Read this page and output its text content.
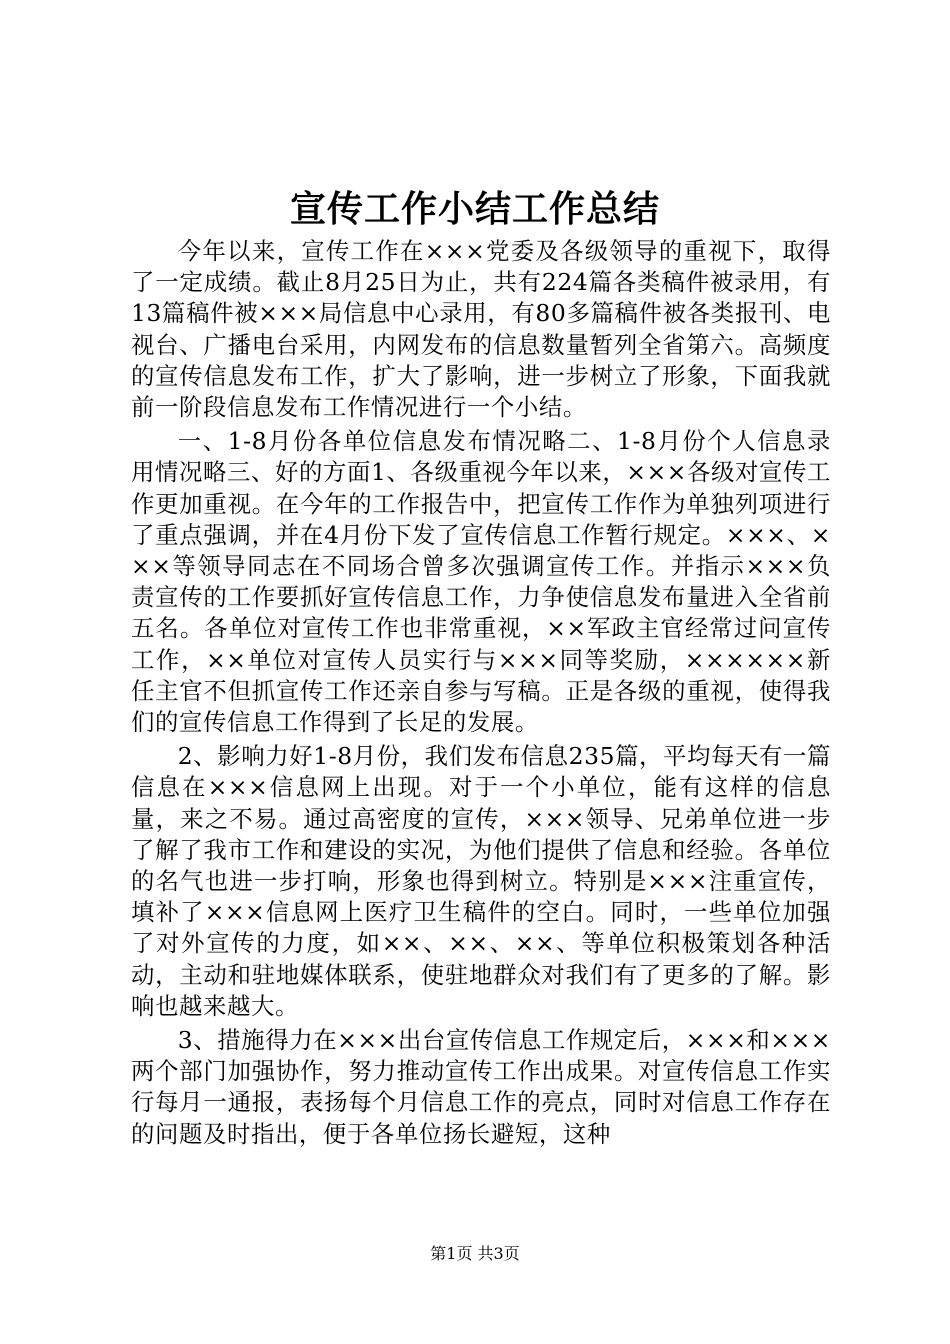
宣传工作小结工作总结

今年以来，宣传工作在×××党委及各级领导的重视下，取得了一定成绩。截止8月25日为止，共有224篇各类稿件被录用，有13篇稿件被×××局信息中心录用，有80多篇稿件被各类报刊、电视台、广播电台采用，内网发布的信息数量暂列全省第六。高频度的宣传信息发布工作，扩大了影响，进一步树立了形象，下面我就前一阶段信息发布工作情况进行一个小结。

一、1-8月份各单位信息发布情况略二、1-8月份个人信息录用情况略三、好的方面1、各级重视今年以来，×××各级对宣传工作更加重视。在今年的工作报告中，把宣传工作作为单独列项进行了重点强调，并在4月份下发了宣传信息工作暂行规定。×××、×××等领导同志在不同场合曾多次强调宣传工作。并指示×××负责宣传的工作要抓好宣传信息工作，力争使信息发布量进入全省前五名。各单位对宣传工作也非常重视，××军政主官经常过问宣传工作，××单位对宣传人员实行与×××同等奖励，××××××新任主官不但抓宣传工作还亲自参与写稿。正是各级的重视，使得我们的宣传信息工作得到了长足的发展。

2、影响力好1-8月份，我们发布信息235篇，平均每天有一篇信息在×××信息网上出现。对于一个小单位，能有这样的信息量，来之不易。通过高密度的宣传，×××领导、兄弟单位进一步了解了我市工作和建设的实况，为他们提供了信息和经验。各单位的名气也进一步打响，形象也得到树立。特别是×××注重宣传，填补了×××信息网上医疗卫生稿件的空白。同时，一些单位加强了对外宣传的力度，如××、××、××、等单位积极策划各种活动，主动和驻地媒体联系，使驻地群众对我们有了更多的了解。影响也越来越大。

3、措施得力在×××出台宣传信息工作规定后，×××和×××两个部门加强协作，努力推动宣传工作出成果。对宣传信息工作实行每月一通报，表扬每个月信息工作的亮点，同时对信息工作存在的问题及时指出，便于各单位扬长避短，这种

第1页 共3页
